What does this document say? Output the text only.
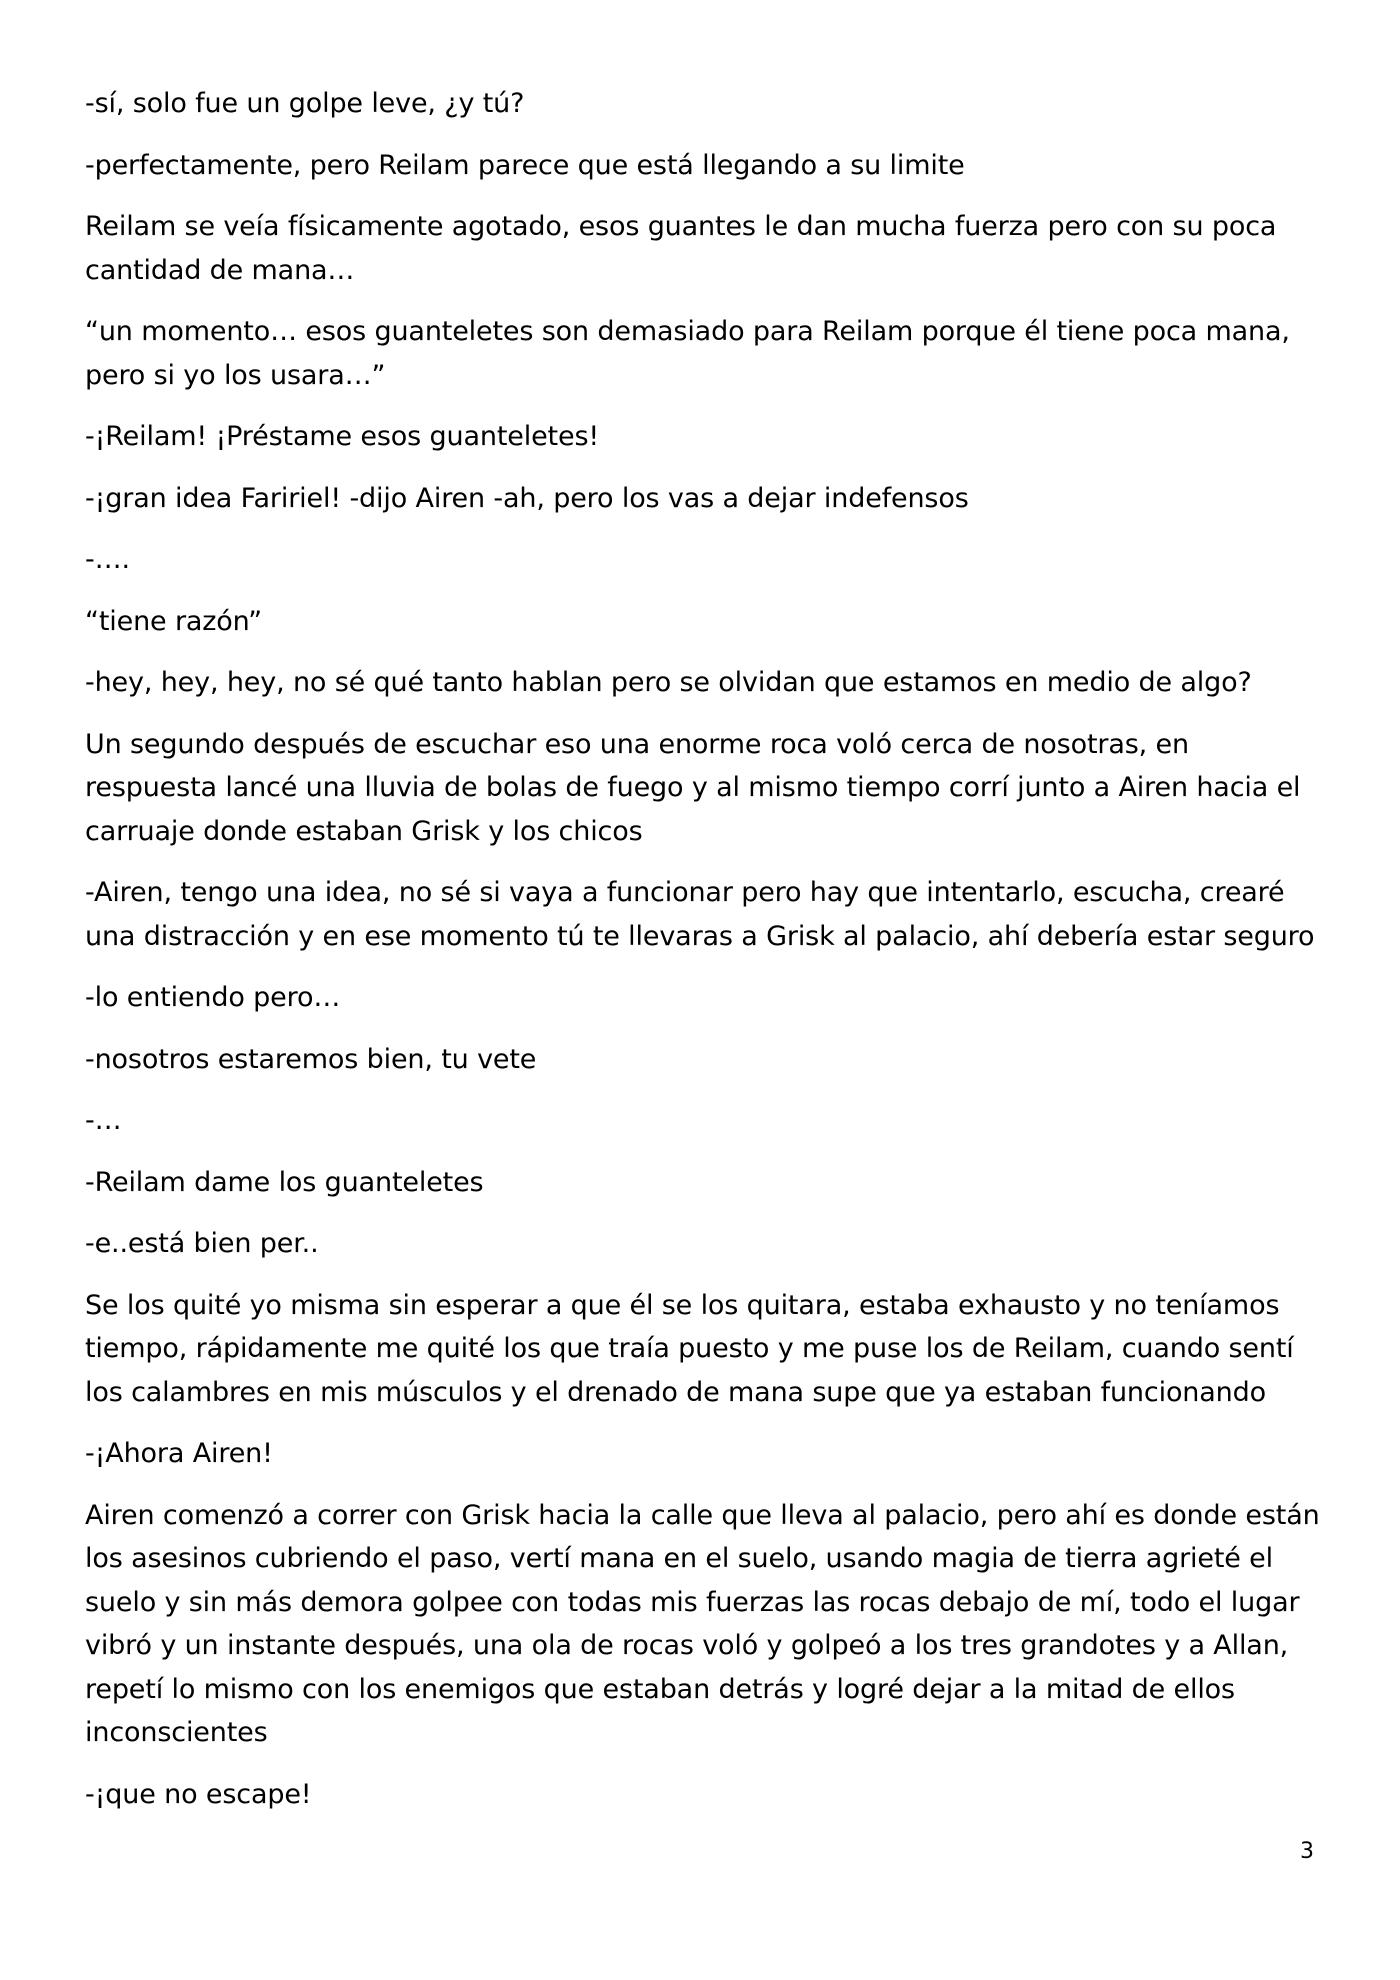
-sí, solo fue un golpe leve, ¿y tú?

-perfectamente, pero Reilam parece que está llegando a su limite

Reilam se veía físicamente agotado, esos guantes le dan mucha fuerza pero con su poca
cantidad de mana…

“un momento… esos guanteletes son demasiado para Reilam porque él tiene poca mana,
pero si yo los usara…”

-¡Reilam! ¡Préstame esos guanteletes!

-¡gran idea Faririel! -dijo Airen -ah, pero los vas a dejar indefensos

-….

“tiene razón”

-hey, hey, hey, no sé qué tanto hablan pero se olvidan que estamos en medio de algo?

Un segundo después de escuchar eso una enorme roca voló cerca de nosotras, en
respuesta lancé una lluvia de bolas de fuego y al mismo tiempo corrí junto a Airen hacia el
carruaje donde estaban Grisk y los chicos

-Airen, tengo una idea, no sé si vaya a funcionar pero hay que intentarlo, escucha, crearé
una distracción y en ese momento tú te llevaras a Grisk al palacio, ahí debería estar seguro

-lo entiendo pero…

-nosotros estaremos bien, tu vete

-…

-Reilam dame los guanteletes

-e..está bien per..

Se los quité yo misma sin esperar a que él se los quitara, estaba exhausto y no teníamos
tiempo, rápidamente me quité los que traía puesto y me puse los de Reilam, cuando sentí
los calambres en mis músculos y el drenado de mana supe que ya estaban funcionando

-¡Ahora Airen!

Airen comenzó a correr con Grisk hacia la calle que lleva al palacio, pero ahí es donde están
los asesinos cubriendo el paso, vertí mana en el suelo, usando magia de tierra agrieté el
suelo y sin más demora golpee con todas mis fuerzas las rocas debajo de mí, todo el lugar
vibró y un instante después, una ola de rocas voló y golpeó a los tres grandotes y a Allan,
repetí lo mismo con los enemigos que estaban detrás y logré dejar a la mitad de ellos
inconscientes

-¡que no escape!

3
